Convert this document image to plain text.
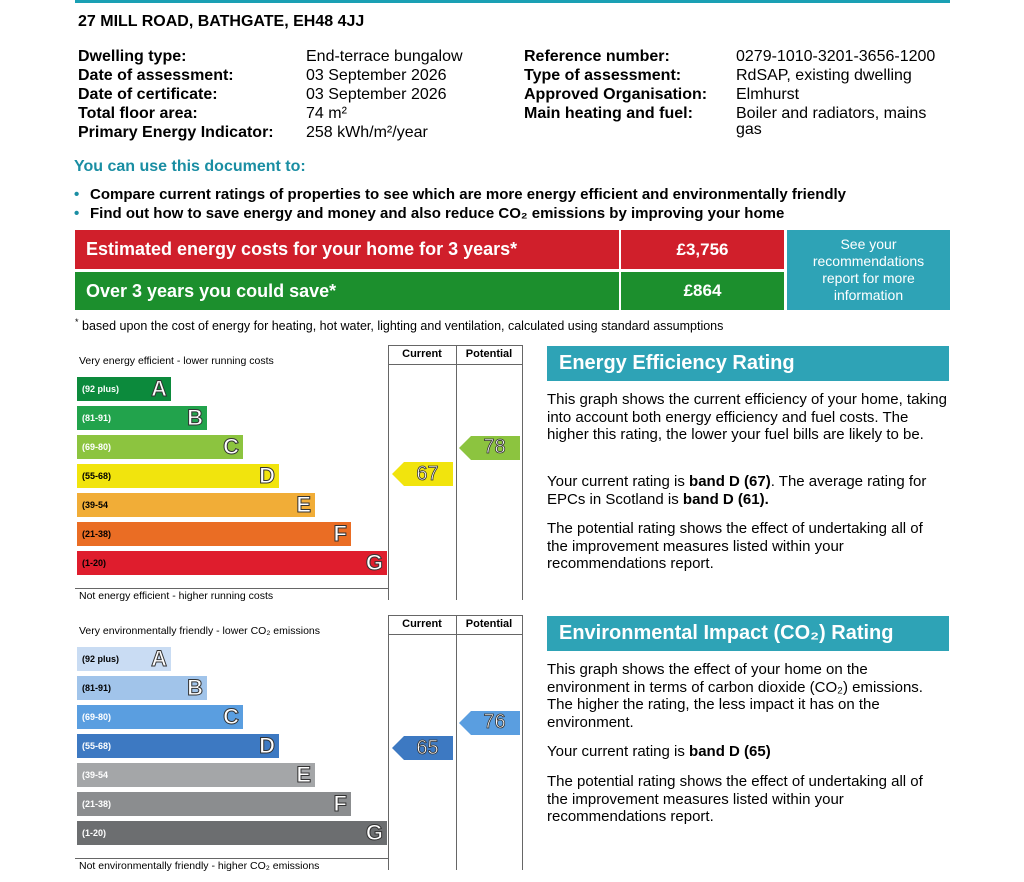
27 MILL ROAD, BATHGATE, EH48 4JJ
Dwelling type:	End-terrace bungalow
Date of assessment:	03 September 2026
Date of certificate:	03 September 2026
Total floor area:	74 m²
Primary Energy Indicator:	258 kWh/m²/year
Reference number:	0279-1010-3201-3656-1200
Type of assessment:	RdSAP, existing dwelling
Approved Organisation:	Elmhurst
Main heating and fuel:	Boiler and radiators, mains
gas
You can use this document to:
• Compare current ratings of properties to see which are more energy efficient and environmentally friendly
• Find out how to save energy and money and also reduce CO₂ emissions by improving your home
Estimated energy costs for your home for 3 years*	£3,756
Over 3 years you could save*	£864
See your recommendations report for more information
* based upon the cost of energy for heating, hot water, lighting and ventilation, calculated using standard assumptions
Current	Potential
Very energy efficient - lower running costs
Not energy efficient - higher running costs
(92 plus) A
(81-91)	B
(69-80)	C
(55-68)	D
(39-54	E
(21-38)	F
(1-20)	G
67
78
Current	Potential
Very environmentally friendly - lower CO₂ emissions
Not environmentally friendly - higher CO₂ emissions
(92 plus) A
(81-91)	B
(69-80)	C
(55-68)	D
(39-54	E
(21-38)	F
(1-20)	G
65
76
Energy Efficiency Rating
This graph shows the current efficiency of your home, taking into account both energy efficiency and fuel costs. The higher this rating, the lower your fuel bills are likely to be.
Your current rating is band D (67). The average rating for EPCs in Scotland is band D (61).
The potential rating shows the effect of undertaking all of the improvement measures listed within your recommendations report.
Environmental Impact (CO₂) Rating
This graph shows the effect of your home on the environment in terms of carbon dioxide (CO₂) emissions. The higher the rating, the less impact it has on the environment.
Your current rating is band D (65)
The potential rating shows the effect of undertaking all of the improvement measures listed within your recommendations report.
